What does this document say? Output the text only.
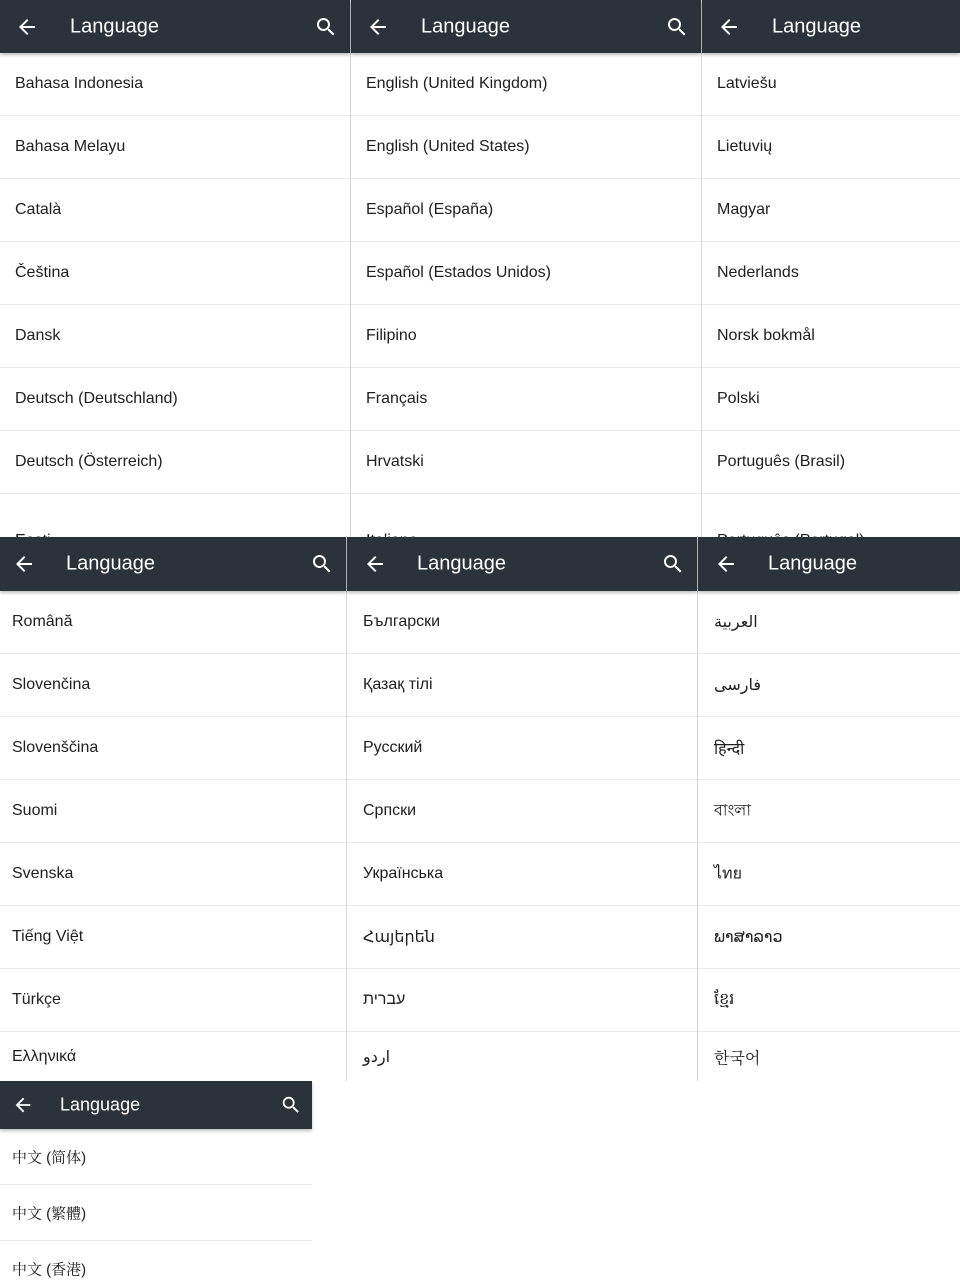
Language
Bahasa Indonesia
Bahasa Melayu
Català
Čeština
Dansk
Deutsch (Deutschland)
Deutsch (Österreich)
Language
English (United Kingdom)
English (United States)
Español (España)
Español (Estados Unidos)
Filipino
Français
Hrvatski
Language
Latviešu
Lietuvių
Magyar
Nederlands
Norsk bokmål
Polski
Português (Brasil)
Language
Română
Slovenčina
Slovenščina
Suomi
Svenska
Tiếng Việt
Türkçe
Ελληνικά
Language
Български
Қазақ тілі
Русский
Српски
Українська
Հայերեն
עברית
اردو
Language
العربية
فارسی
हिन्दी
বাংলা
ไทย
ພາສາລາວ
ខ្មែរ
한국어
Language
中文 (简体)
中文 (繁體)
中文 (香港)
